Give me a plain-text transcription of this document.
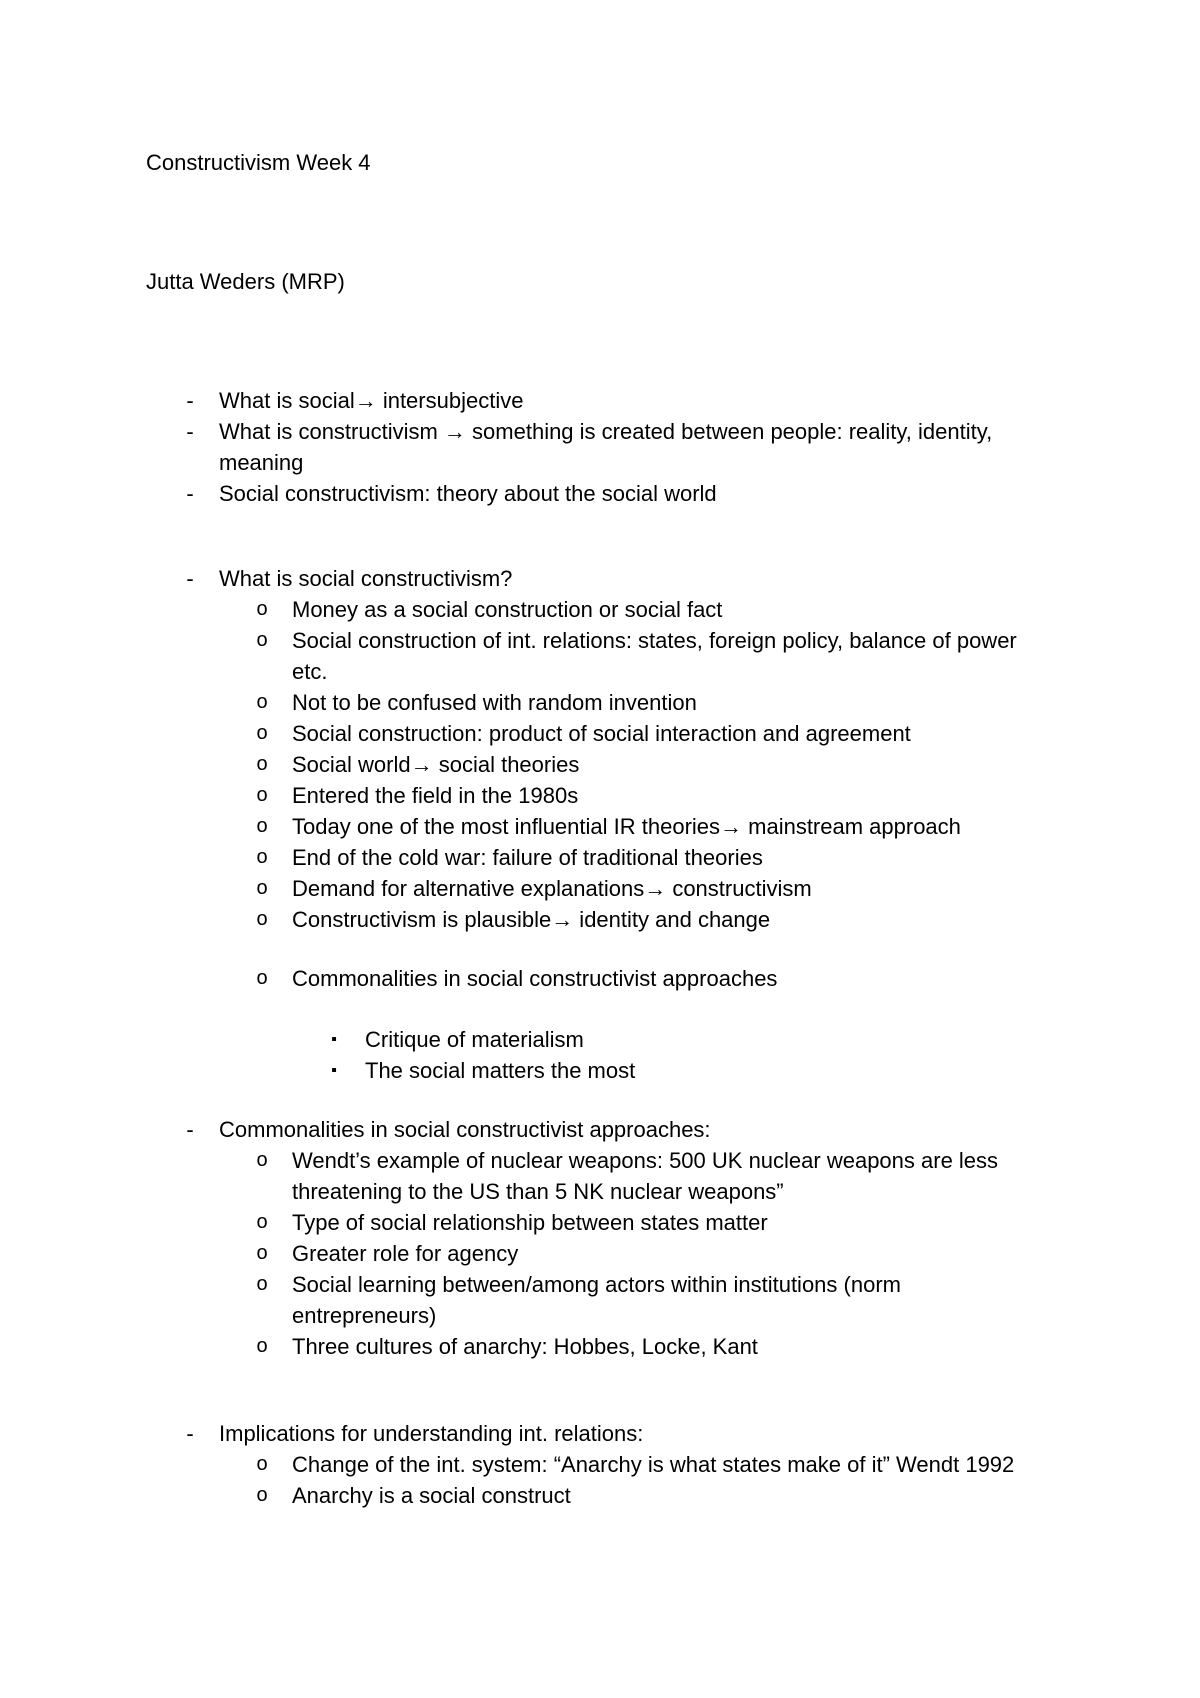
Constructivism Week 4
Jutta Weders (MRP)
- What is social→ intersubjective
- What is constructivism → something is created between people: reality, identity, meaning
- Social constructivism: theory about the social world
- What is social constructivism?
o Money as a social construction or social fact
o Social construction of int. relations: states, foreign policy, balance of power etc.
o Not to be confused with random invention
o Social construction: product of social interaction and agreement
o Social world→ social theories
o Entered the field in the 1980s
o Today one of the most influential IR theories→ mainstream approach
o End of the cold war: failure of traditional theories
o Demand for alternative explanations→ constructivism
o Constructivism is plausible→ identity and change
o Commonalities in social constructivist approaches
▪	Critique of materialism
▪	The social matters the most
- Commonalities in social constructivist approaches:
o Wendt’s example of nuclear weapons: 500 UK nuclear weapons are less threatening to the US than 5 NK nuclear weapons”
o Type of social relationship between states matter
o Greater role for agency
o Social learning between/among actors within institutions (norm entrepreneurs)
o Three cultures of anarchy: Hobbes, Locke, Kant
- Implications for understanding int. relations:
o Change of the int. system: “Anarchy is what states make of it” Wendt 1992
o Anarchy is a social construct
